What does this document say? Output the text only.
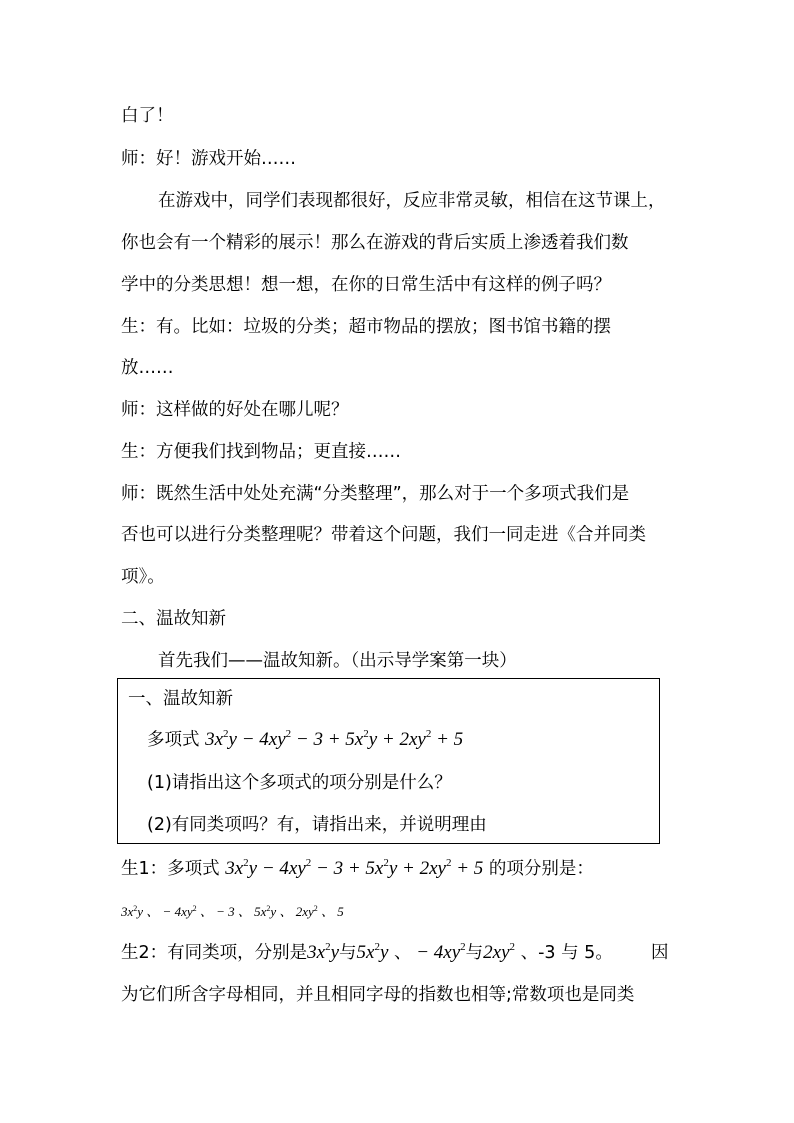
白了！
师：好！游戏开始……
在游戏中，同学们表现都很好，反应非常灵敏，相信在这节课上，
你也会有一个精彩的展示！那么在游戏的背后实质上渗透着我们数
学中的分类思想！想一想，在你的日常生活中有这样的例子吗？
生：有。比如：垃圾的分类；超市物品的摆放；图书馆书籍的摆
放……
师：这样做的好处在哪儿呢？
生：方便我们找到物品；更直接……
师：既然生活中处处充满“分类整理”，那么对于一个多项式我们是
否也可以进行分类整理呢？带着这个问题，我们一同走进《合并同类
项》。
二、温故知新
首先我们——温故知新。（出示导学案第一块）
一、温故知新
多项式 $3x^2y - 4xy^2 - 3 + 5x^2y + 2xy^2 + 5$
(1)请指出这个多项式的项分别是什么？
(2)有同类项吗？有，请指出来，并说明理由
生1：多项式 $3x^2y - 4xy^2 - 3 + 5x^2y + 2xy^2 + 5$ 的项分别是：
$3x^2y$ 、 − $4xy^2$ 、 − 3 、 $5x^2y$ 、 $2xy^2$ 、 5
生2：有同类项，分别是$3x^2y$与$5x^2y$ 、 − $4xy^2$与$2xy^2$ 、-3 与 5。 因
为它们所含字母相同，并且相同字母的指数也相等;常数项也是同类
